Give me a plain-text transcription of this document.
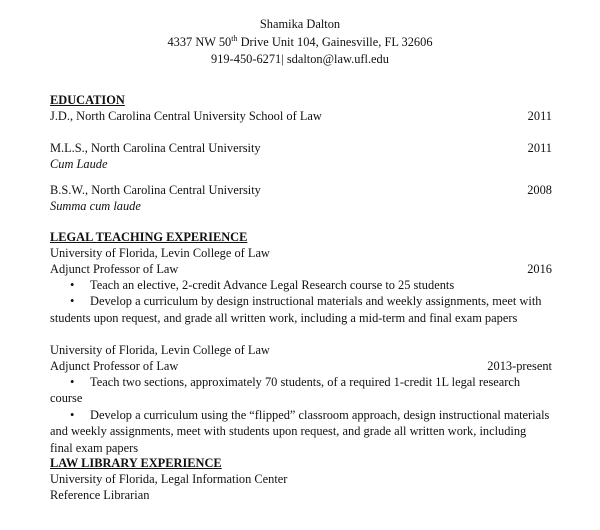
Shamika Dalton
4337 NW 50th Drive Unit 104, Gainesville, FL 32606
919-450-6271| sdalton@law.ufl.edu
EDUCATION
J.D., North Carolina Central University School of Law	2011
M.L.S., North Carolina Central University	2011
Cum Laude
B.S.W., North Carolina Central University	2008
Summa cum laude
LEGAL TEACHING EXPERIENCE
University of Florida, Levin College of Law
Adjunct Professor of Law	2016
•	Teach an elective, 2-credit Advance Legal Research course to 25 students
•	Develop a curriculum by design instructional materials and weekly assignments, meet with students upon request, and grade all written work, including a mid-term and final exam papers
University of Florida, Levin College of Law
Adjunct Professor of Law	2013-present
•	Teach two sections, approximately 70 students, of a required 1-credit 1L legal research course
•	Develop a curriculum using the “flipped” classroom approach, design instructional materials and weekly assignments, meet with students upon request, and grade all written work, including final exam papers
LAW LIBRARY EXPERIENCE
University of Florida, Legal Information Center
Reference Librarian
